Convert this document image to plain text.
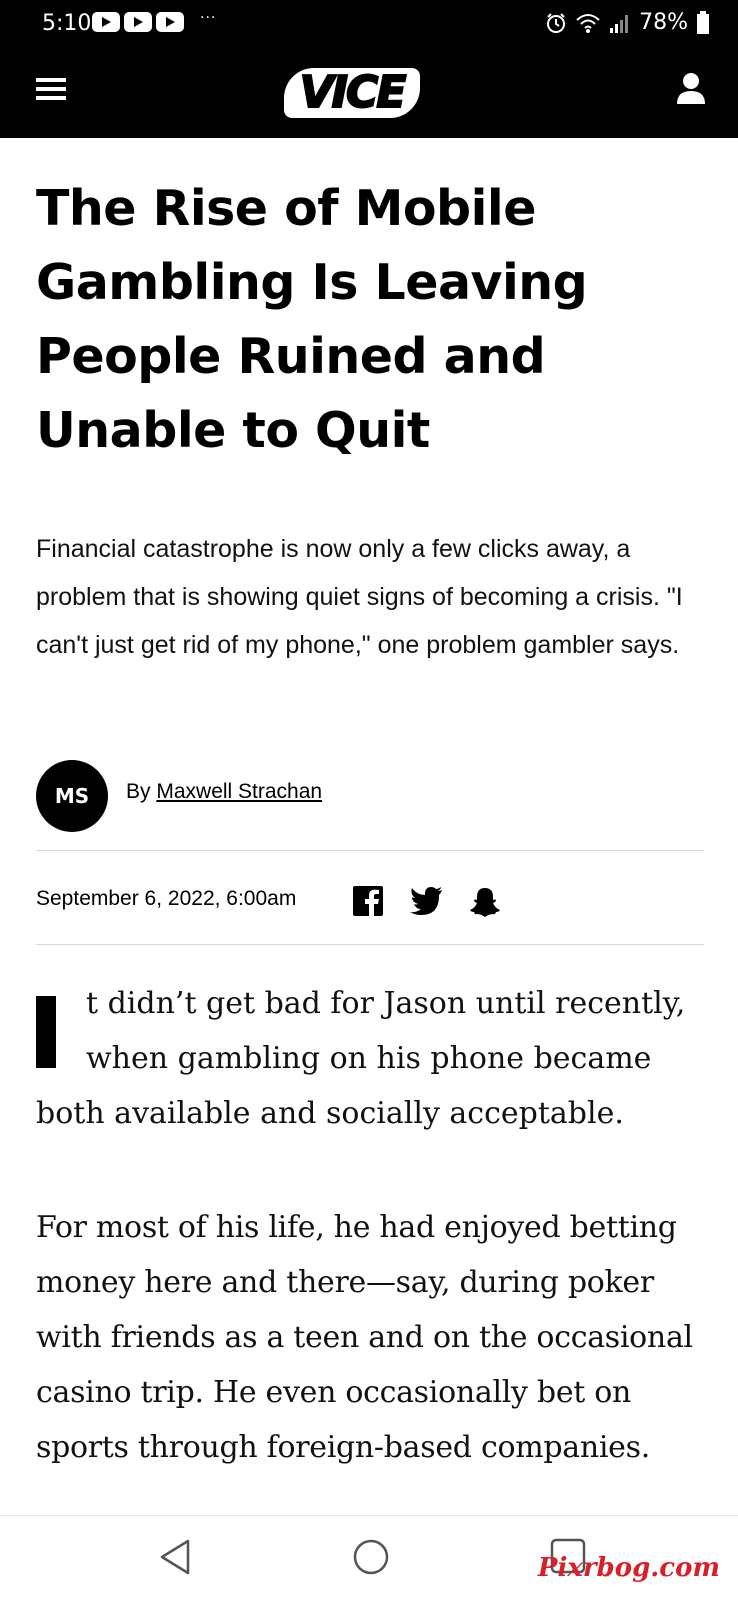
5:10	···	78%
VICE
The Rise of Mobile Gambling Is Leaving People Ruined and Unable to Quit

Financial catastrophe is now only a few clicks away, a problem that is showing quiet signs of becoming a crisis. "I can't just get rid of my phone," one problem gambler says.

MS	By Maxwell Strachan
September 6, 2022, 6:00am
t didn’t get bad for Jason until recently,
when gambling on his phone became
both available and socially acceptable.

For most of his life, he had enjoyed betting money here and there—say, during poker with friends as a teen and on the occasional casino trip. He even occasionally bet on sports through foreign-based companies.

Pixrbog.com
